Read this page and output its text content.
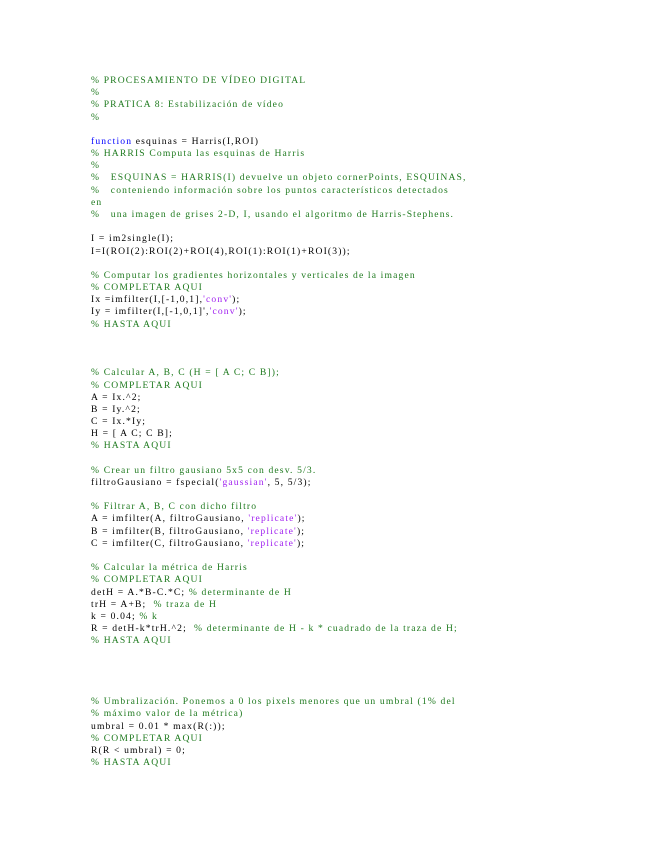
% PROCESAMIENTO DE VÍDEO DIGITAL
%
% PRATICA 8: Estabilización de vídeo
%
function esquinas = Harris(I,ROI)
% HARRIS Computa las esquinas de Harris
%
%   ESQUINAS = HARRIS(I) devuelve un objeto cornerPoints, ESQUINAS,
%   conteniendo información sobre los puntos característicos detectados
en
%   una imagen de grises 2-D, I, usando el algoritmo de Harris-Stephens.
I = im2single(I);
I=I(ROI(2):ROI(2)+ROI(4),ROI(1):ROI(1)+ROI(3));
% Computar los gradientes horizontales y verticales de la imagen
% COMPLETAR AQUI
Ix =imfilter(I,[-1,0,1],'conv');
Iy = imfilter(I,[-1,0,1]','conv');
% HASTA AQUI
% Calcular A, B, C (H = [ A C; C B]);
% COMPLETAR AQUI
A = Ix.^2;
B = Iy.^2;
C = Ix.*Iy;
H = [ A C; C B];
% HASTA AQUI
% Crear un filtro gausiano 5x5 con desv. 5/3.
filtroGausiano = fspecial('gaussian', 5, 5/3);
% Filtrar A, B, C con dicho filtro
A = imfilter(A, filtroGausiano, 'replicate');
B = imfilter(B, filtroGausiano, 'replicate');
C = imfilter(C, filtroGausiano, 'replicate');
% Calcular la métrica de Harris
% COMPLETAR AQUI
detH = A.*B-C.*C; % determinante de H
trH = A+B;  % traza de H
k = 0.04; % k
R = detH-k*trH.^2;  % determinante de H - k * cuadrado de la traza de H;
% HASTA AQUI
% Umbralización. Ponemos a 0 los pixels menores que un umbral (1% del
% máximo valor de la métrica)
umbral = 0.01 * max(R(:));
% COMPLETAR AQUI
R(R < umbral) = 0;
% HASTA AQUI
